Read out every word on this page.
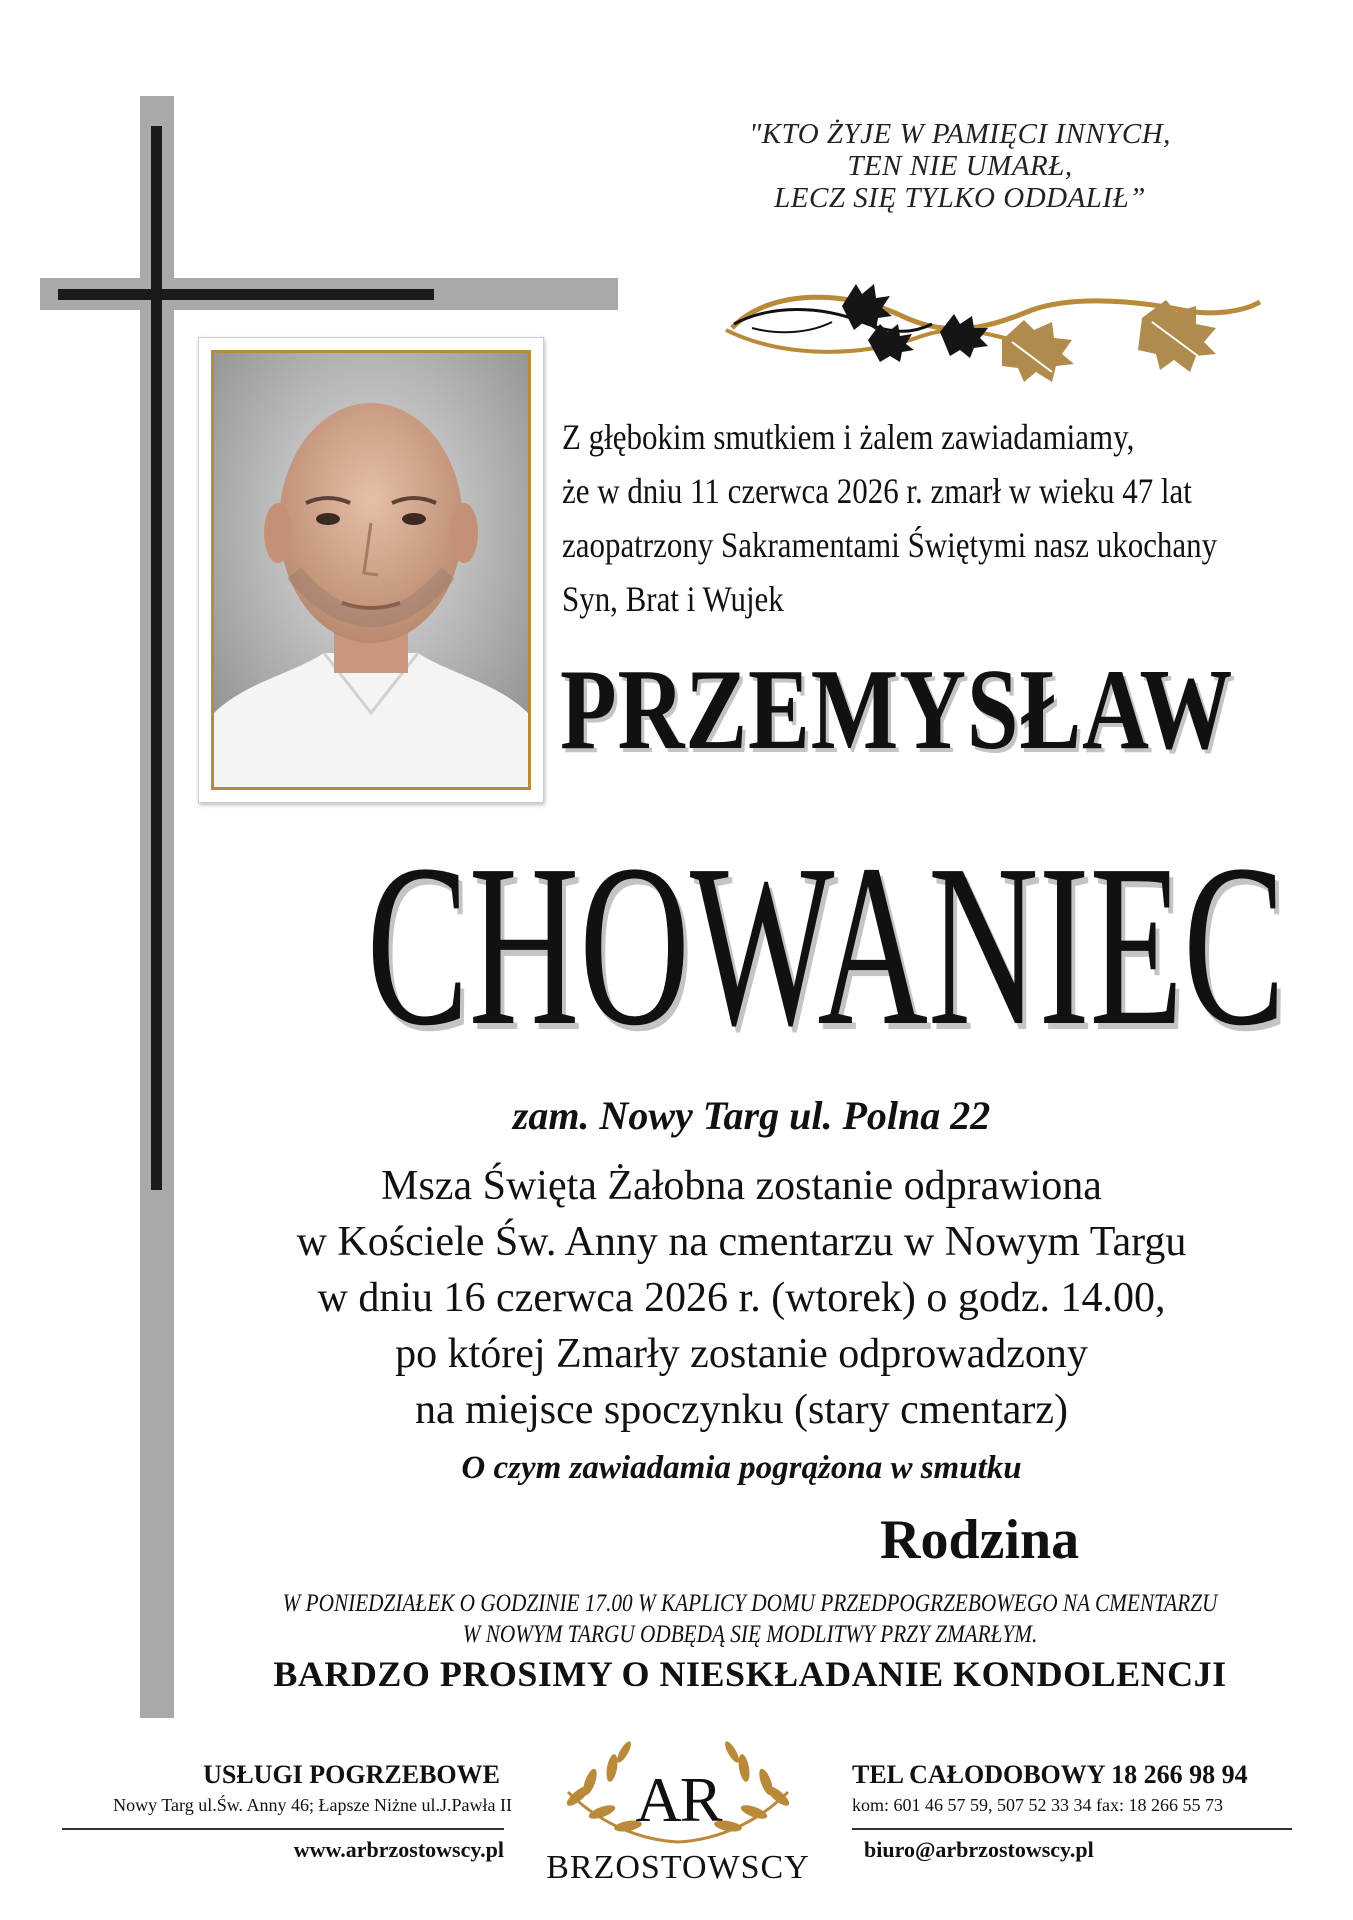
"KTO ŻYJE W PAMIĘCI INNYCH,
TEN NIE UMARŁ,
LECZ SIĘ TYLKO ODDALIŁ”
Z głębokim smutkiem i żalem zawiadamiamy,
że w dniu 11 czerwca 2026 r. zmarł w wieku 47 lat
zaopatrzony Sakramentami Świętymi nasz ukochany
Syn, Brat i Wujek
PRZEMYSŁAW
CHOWANIEC
zam. Nowy Targ ul. Polna 22
Msza Święta Żałobna zostanie odprawiona
w Kościele Św. Anny na cmentarzu w Nowym Targu
w dniu 16 czerwca 2026 r. (wtorek) o godz. 14.00,
po której Zmarły zostanie odprowadzony
na miejsce spoczynku (stary cmentarz)
O czym zawiadamia pogrążona w smutku
Rodzina
W PONIEDZIAŁEK O GODZINIE 17.00 W KAPLICY DOMU PRZEDPOGRZEBOWEGO NA CMENTARZU
W NOWYM TARGU ODBĘDĄ SIĘ MODLITWY PRZY ZMARŁYM.
BARDZO PROSIMY O NIESKŁADANIE KONDOLENCJI
USŁUGI POGRZEBOWE
Nowy Targ ul.Św. Anny 46; Łapsze Niżne ul.J.Pawła II
www.arbrzostowscy.pl
AR
BRZOSTOWSCY
TEL CAŁODOBOWY 18 266 98 94
kom: 601 46 57 59, 507 52 33 34 fax: 18 266 55 73
biuro@arbrzostowscy.pl
